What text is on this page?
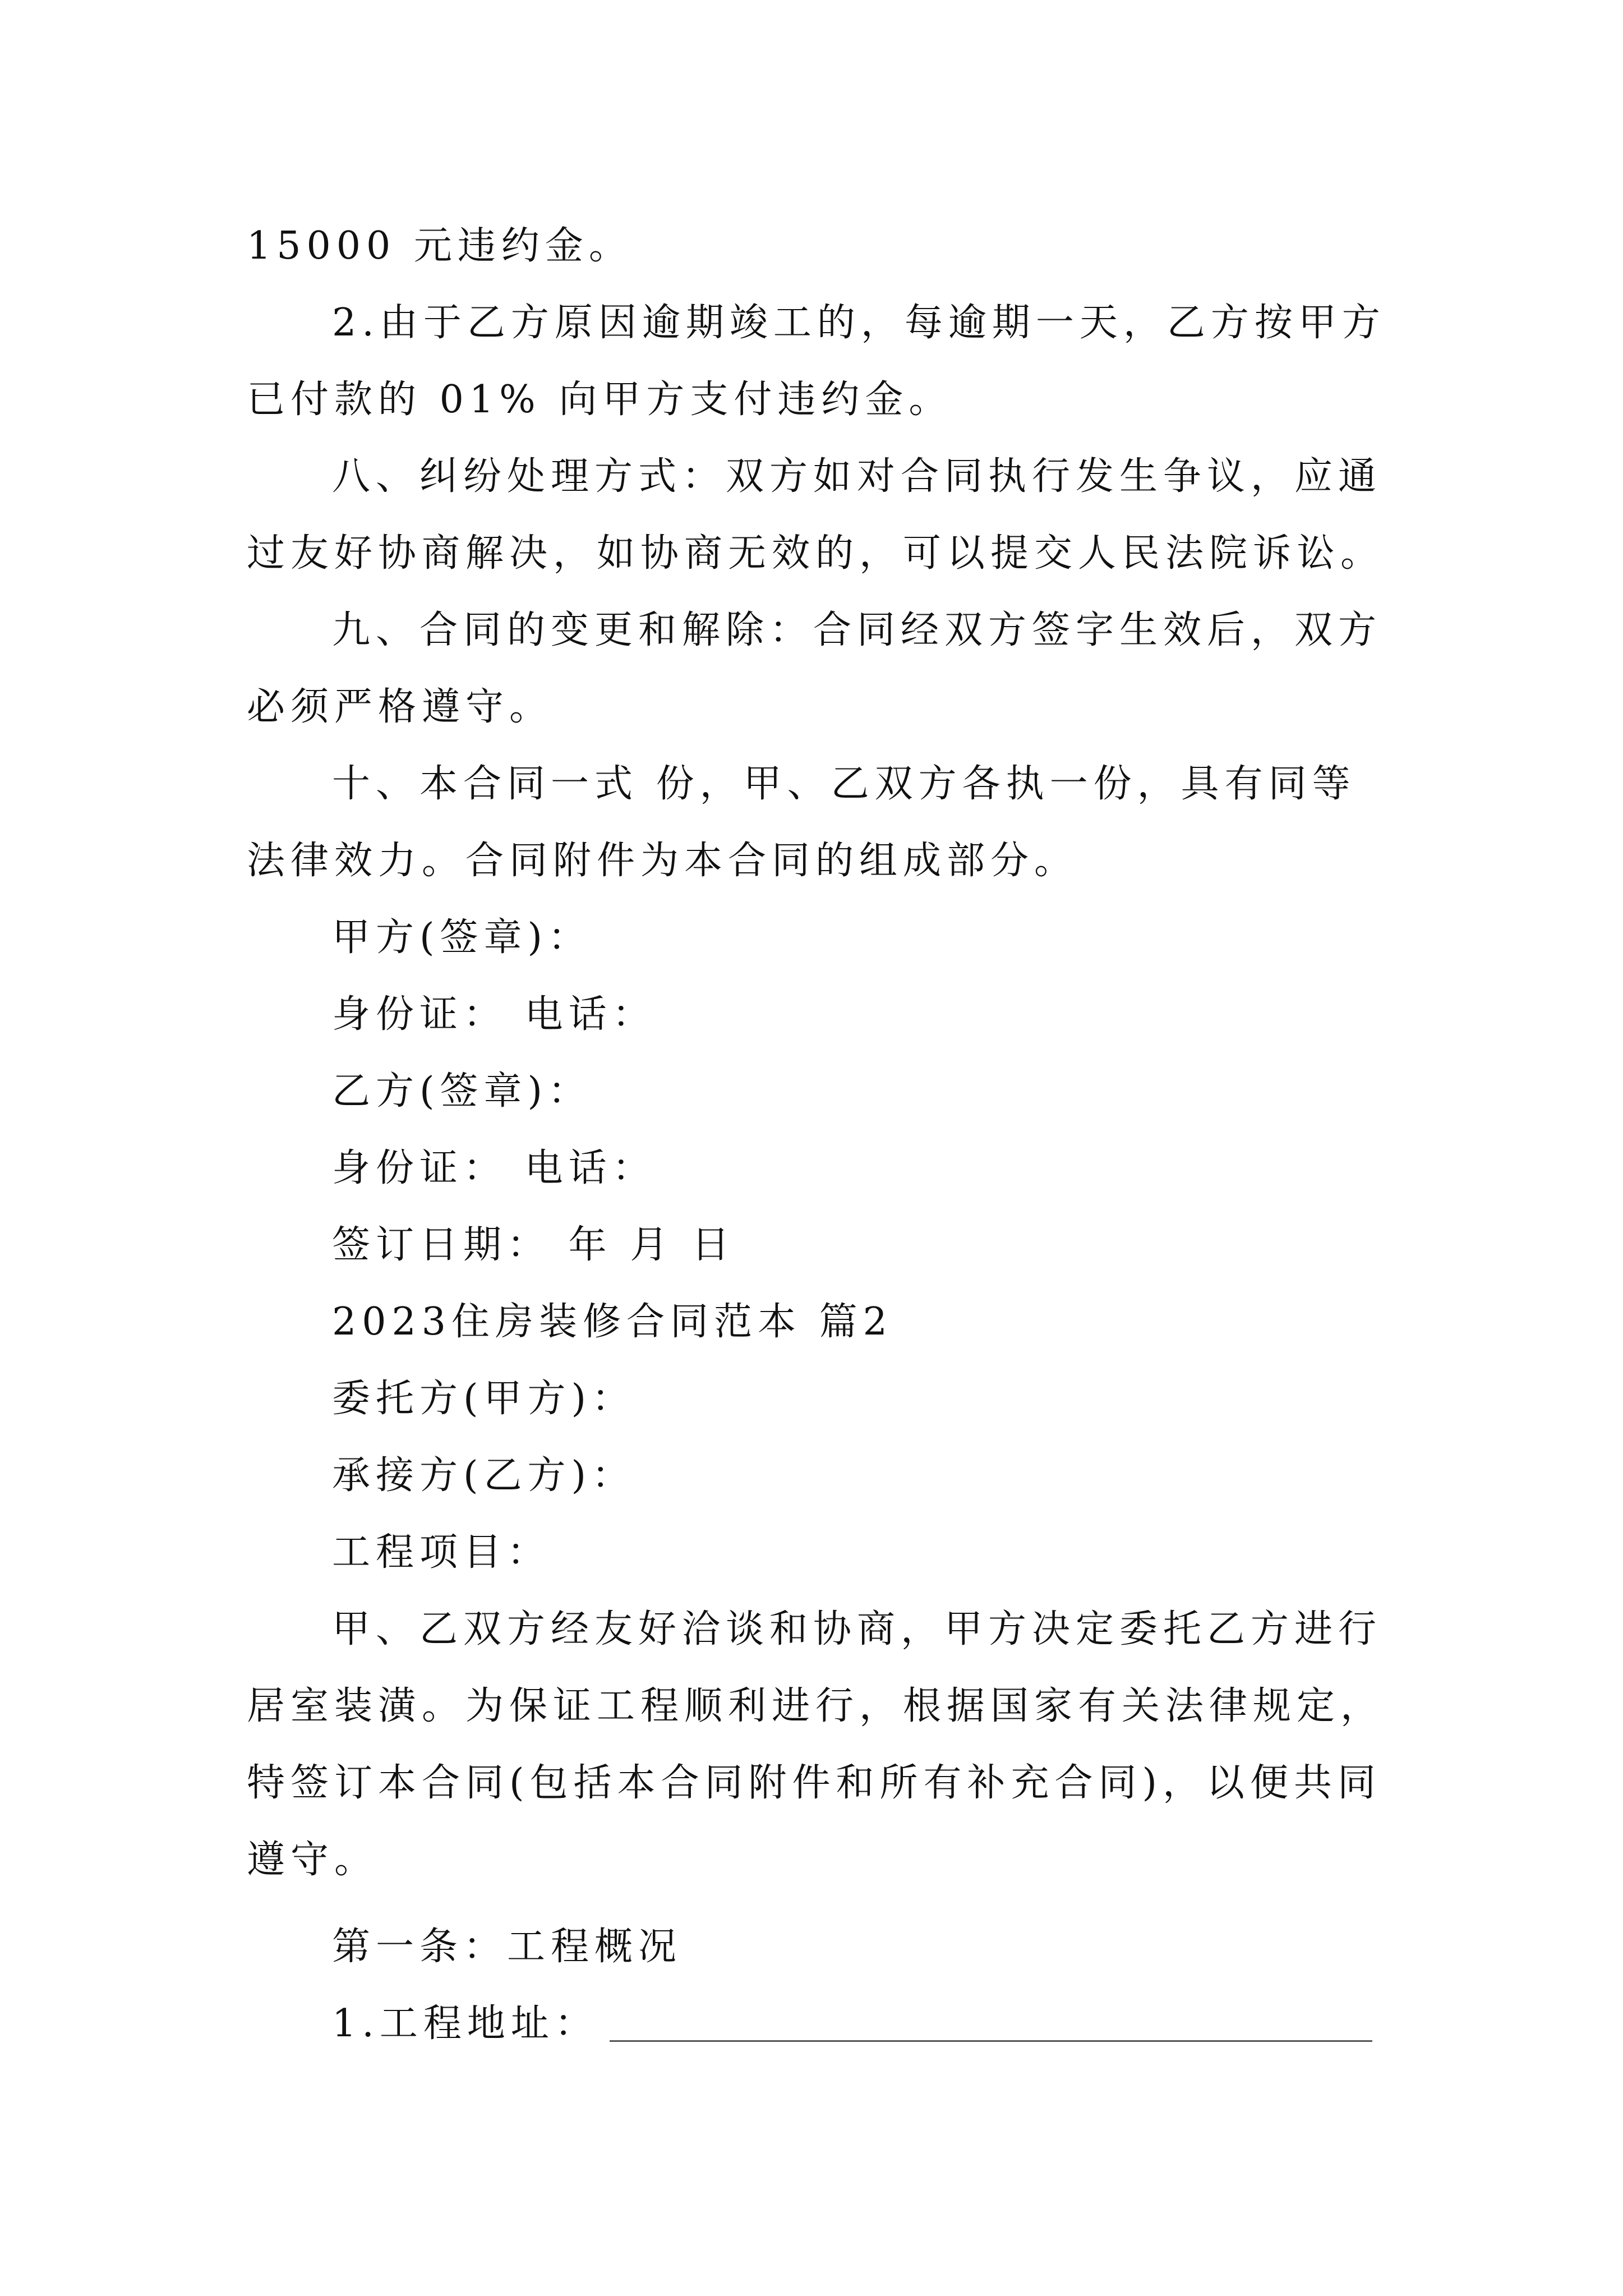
15000 元违约金。
2.由于乙方原因逾期竣工的，每逾期一天，乙方按甲方
已付款的 01% 向甲方支付违约金。
八、纠纷处理方式：双方如对合同执行发生争议，应通
过友好协商解决，如协商无效的，可以提交人民法院诉讼。
九、合同的变更和解除：合同经双方签字生效后，双方
必须严格遵守。
十、本合同一式 份，甲、乙双方各执一份，具有同等
法律效力。合同附件为本合同的组成部分。
甲方(签章)：
身份证： 电话：
乙方(签章)：
身份证： 电话：
签订日期： 年 月 日
2023住房装修合同范本 篇2
委托方(甲方)：
承接方(乙方)：
工程项目：
甲、乙双方经友好洽谈和协商，甲方决定委托乙方进行
居室装潢。为保证工程顺利进行，根据国家有关法律规定，
特签订本合同(包括本合同附件和所有补充合同)，以便共同
遵守。
第一条：工程概况
1.工程地址：
